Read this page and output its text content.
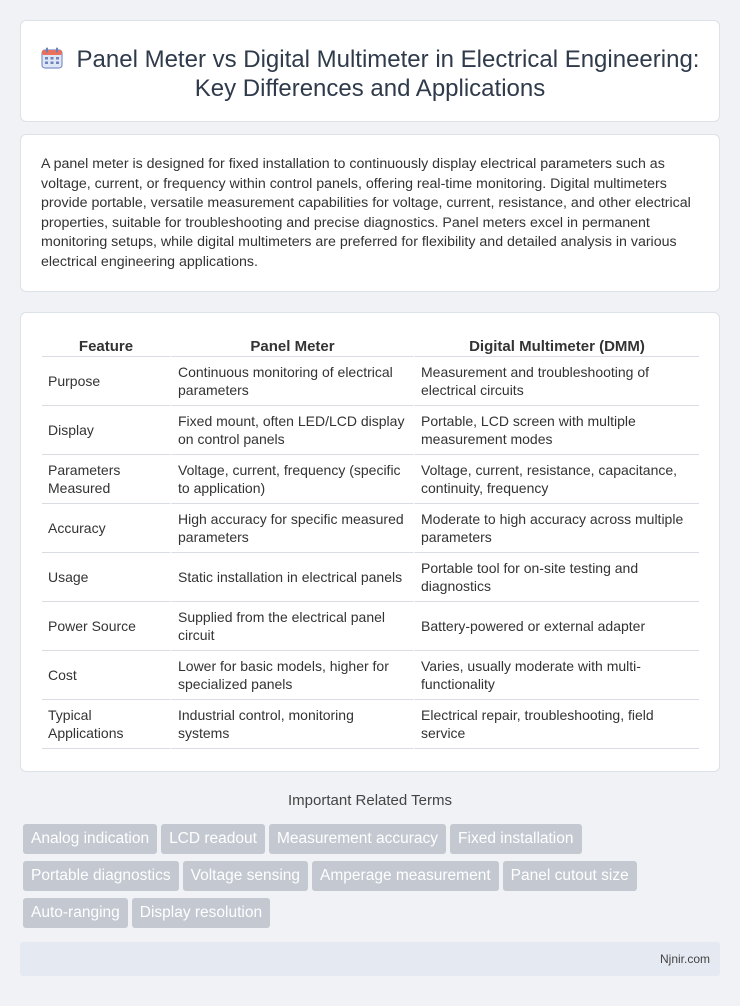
Panel Meter vs Digital Multimeter in Electrical Engineering: Key Differences and Applications

A panel meter is designed for fixed installation to continuously display electrical parameters such as voltage, current, or frequency within control panels, offering real-time monitoring. Digital multimeters provide portable, versatile measurement capabilities for voltage, current, resistance, and other electrical properties, suitable for troubleshooting and precise diagnostics. Panel meters excel in permanent monitoring setups, while digital multimeters are preferred for flexibility and detailed analysis in various electrical engineering applications.

Feature	Panel Meter	Digital Multimeter (DMM)
Purpose	Continuous monitoring of electrical parameters	Measurement and troubleshooting of electrical circuits
Display	Fixed mount, often LED/LCD display on control panels	Portable, LCD screen with multiple measurement modes
Parameters Measured	Voltage, current, frequency (specific to application)	Voltage, current, resistance, capacitance, continuity, frequency
Accuracy	High accuracy for specific measured parameters	Moderate to high accuracy across multiple parameters
Usage	Static installation in electrical panels	Portable tool for on-site testing and diagnostics
Power Source	Supplied from the electrical panel circuit	Battery-powered or external adapter
Cost	Lower for basic models, higher for specialized panels	Varies, usually moderate with multi-functionality
Typical Applications	Industrial control, monitoring systems	Electrical repair, troubleshooting, field service
Important Related Terms
Analog indication LCD readout Measurement accuracy Fixed installation
Portable diagnostics Voltage sensing Amperage measurement Panel cutout size
Auto-ranging Display resolution
Njnir.com
